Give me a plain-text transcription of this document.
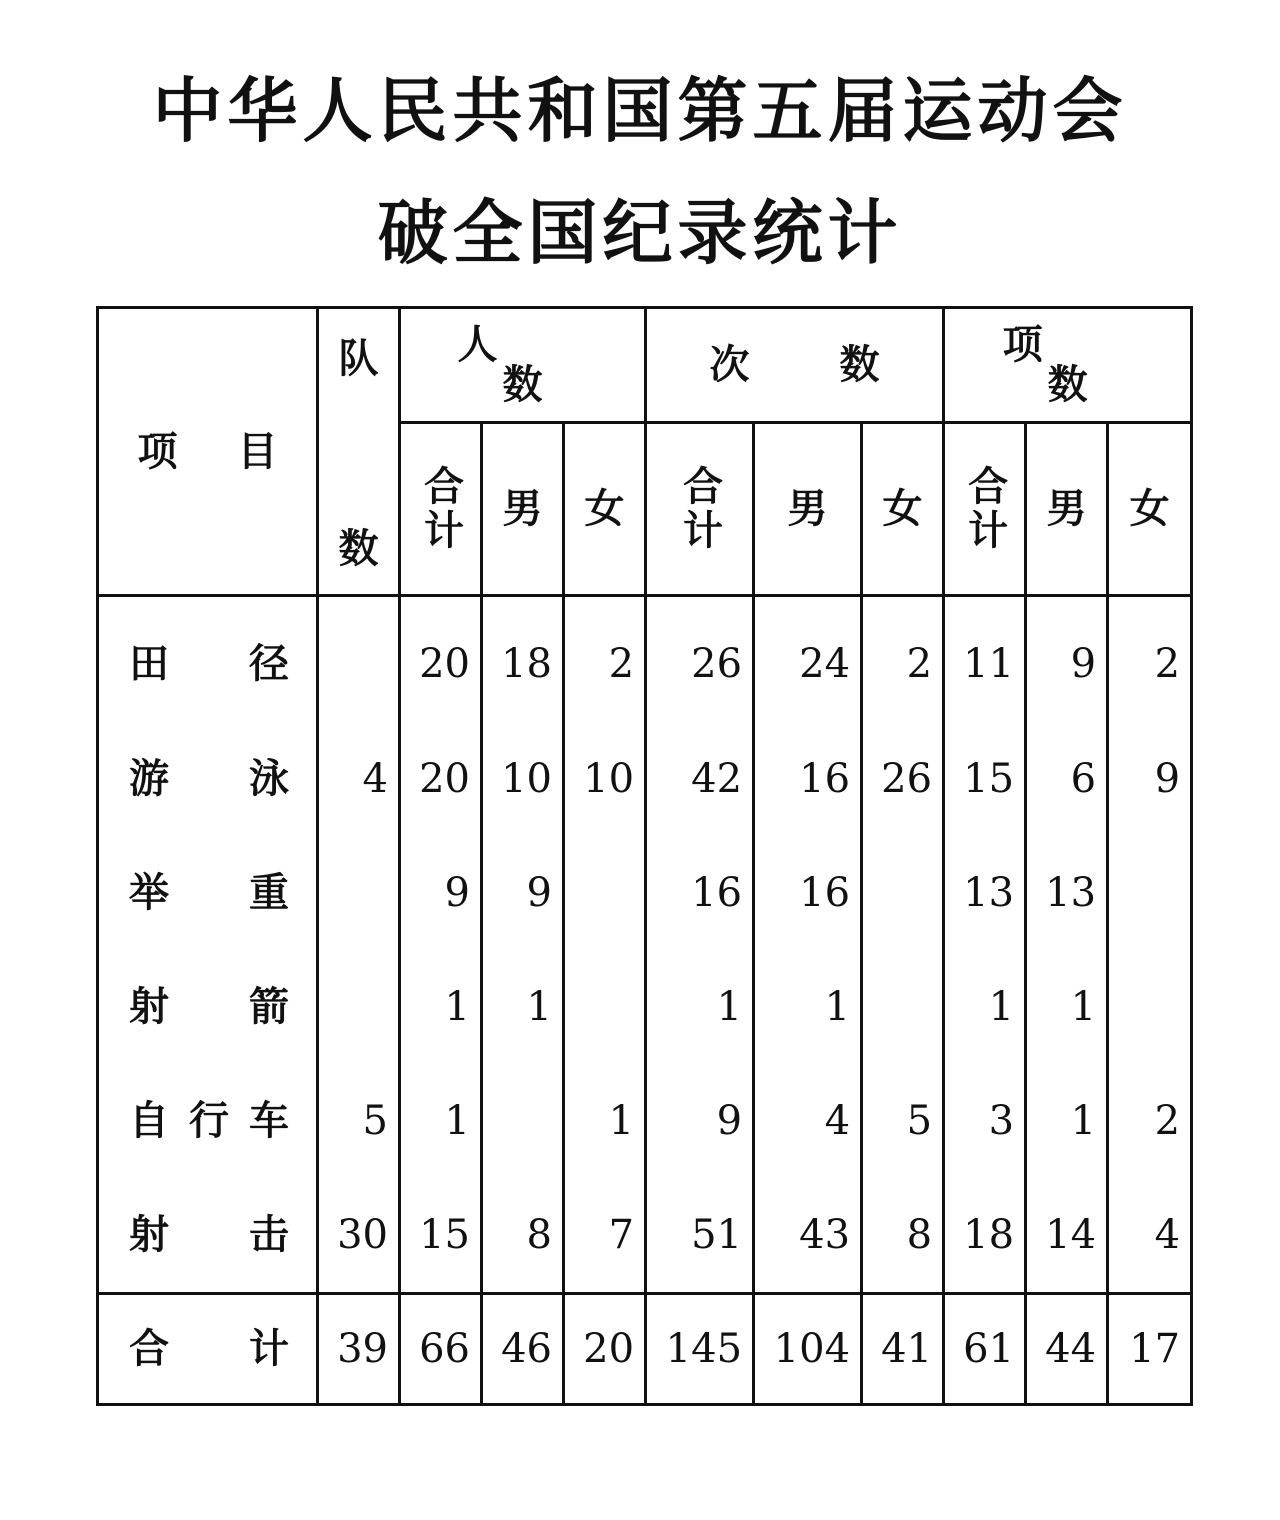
中华人民共和国第五届运动会
破全国纪录统计
项目	队
数	人数			次数			项数		
		合计	男	女	合计	男	女	合计	男	女

田 径		20	18	2	26	24	2	11	9	2

游 泳	4	20	10	10	42	16	26	15	6	9

举 重		9	9		16	16		13	13	

射 箭		1	1		1	1		1	1	

自 行 车	5	1		1	9	4	5	3	1	2

射 击	30	15	8	7	51	43	8	18	14	4

合 计	39	66	46	20	145	104	41	61	44	17
